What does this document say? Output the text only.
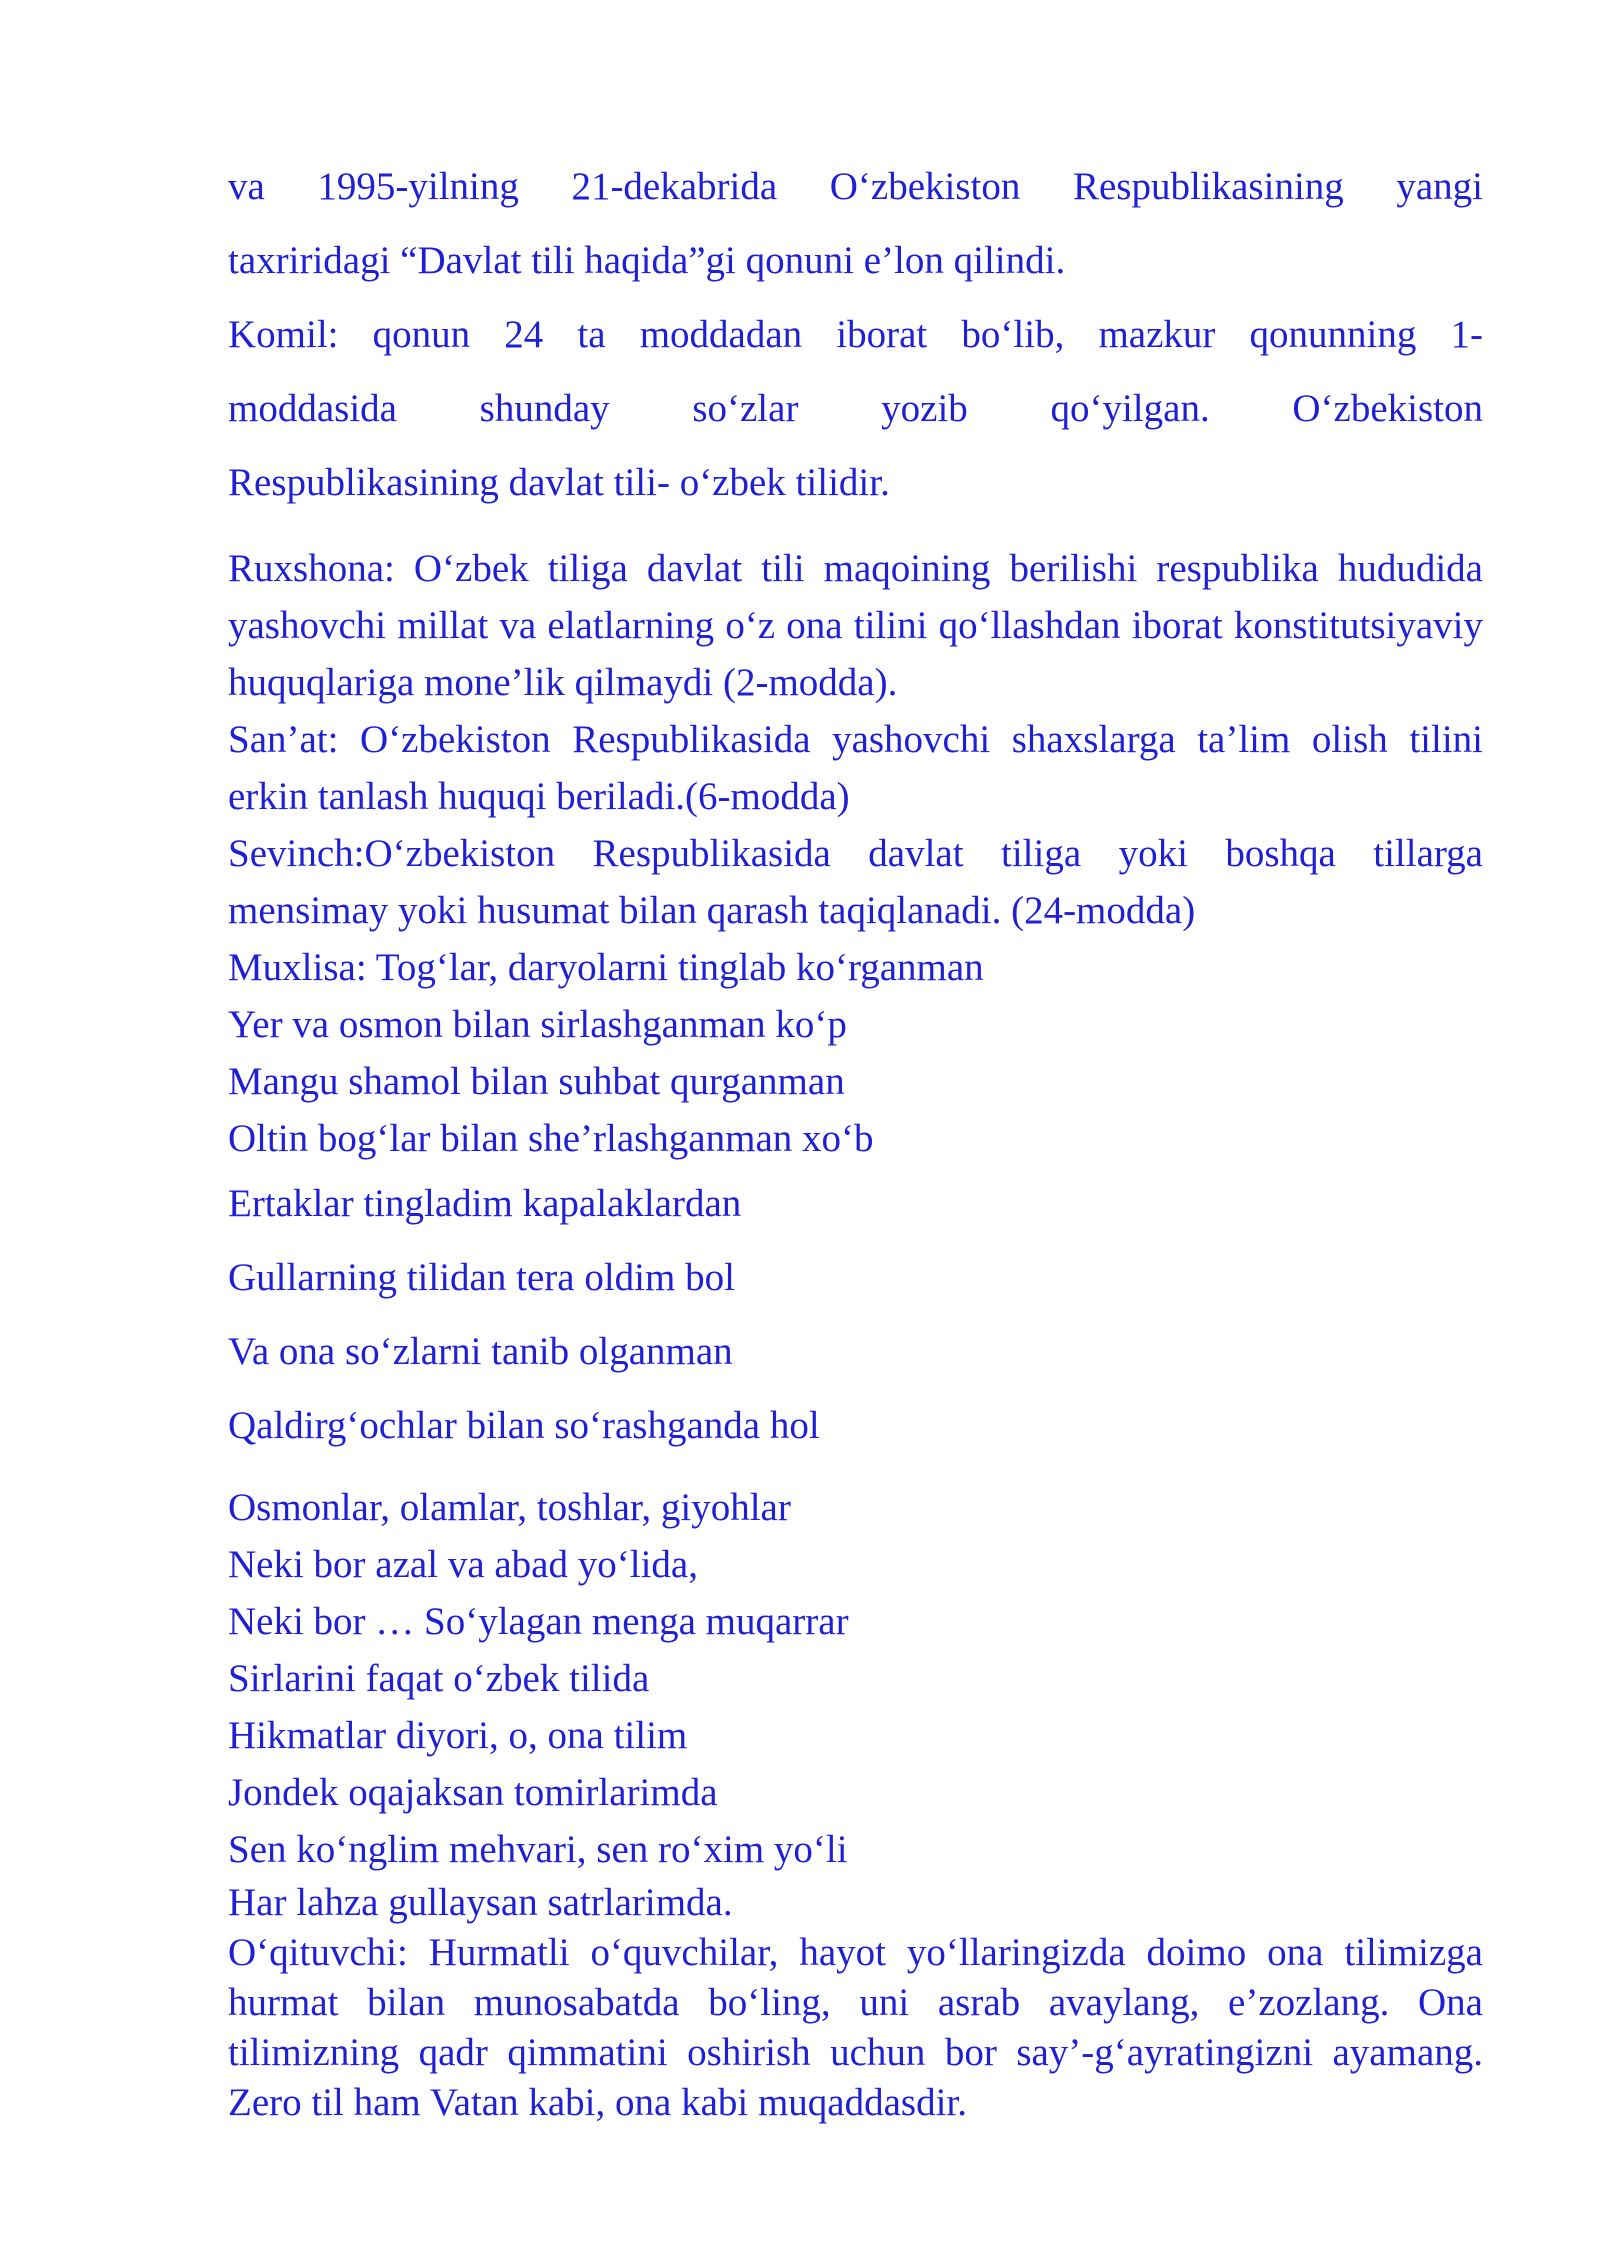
va 1995-yilning 21-dekabrida O‘zbekiston Respublikasining yangi
taxriridagi “Davlat tili haqida”gi qonuni e’lon qilindi.
Komil: qonun 24 ta moddadan iborat bo‘lib, mazkur qonunning 1-
moddasida shunday so‘zlar yozib qo‘yilgan. O‘zbekiston
Respublikasining davlat tili- o‘zbek tilidir.

Ruxshona: O‘zbek tiliga davlat tili maqoining berilishi respublika hududida yashovchi millat va elatlarning o‘z ona tilini qo‘llashdan iborat konstitutsiyaviy huquqlariga mone’lik qilmaydi (2-modda).

San’at: O‘zbekiston Respublikasida yashovchi shaxslarga ta’lim olish tilini erkin tanlash huquqi beriladi.(6-modda)

Sevinch:O‘zbekiston Respublikasida davlat tiliga yoki boshqa tillarga mensimay yoki husumat bilan qarash taqiqlanadi. (24-modda)

Muxlisa: Tog‘lar, daryolarni tinglab ko‘rganman
Yer va osmon bilan sirlashganman ko‘p
Mangu shamol bilan suhbat qurganman
Oltin bog‘lar bilan she’rlashganman xo‘b
Ertaklar tingladim kapalaklardan
Gullarning tilidan tera oldim bol
Va ona so‘zlarni tanib olganman
Qaldirg‘ochlar bilan so‘rashganda hol
Osmonlar, olamlar, toshlar, giyohlar
Neki bor azal va abad yo‘lida,
Neki bor … So‘ylagan menga muqarrar
Sirlarini faqat o‘zbek tilida
Hikmatlar diyori, o, ona tilim
Jondek oqajaksan tomirlarimda
Sen ko‘nglim mehvari, sen ro‘xim yo‘li
Har lahza gullaysan satrlarimda.

O‘qituvchi: Hurmatli o‘quvchilar, hayot yo‘llaringizda doimo ona tilimizga hurmat bilan munosabatda bo‘ling, uni asrab avaylang, e’zozlang. Ona tilimizning qadr qimmatini oshirish uchun bor say’-g‘ayratingizni ayamang. Zero til ham Vatan kabi, ona kabi muqaddasdir.
